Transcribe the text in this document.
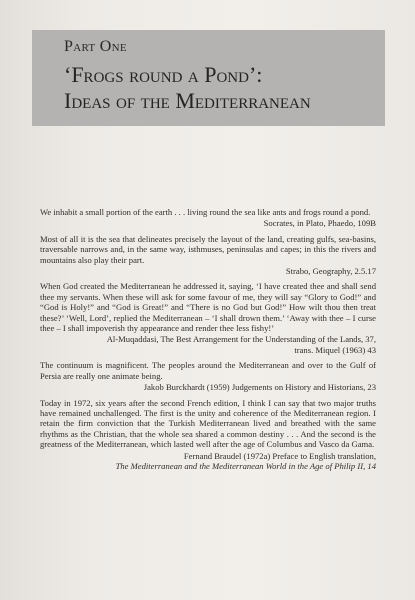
Part One
‘Frogs round a Pond’:
Ideas of the Mediterranean

We inhabit a small portion of the earth . . . living round the sea like ants and frogs round a pond.

Socrates, in Plato, Phaedo, 109B

Most of all it is the sea that delineates precisely the layout of the land, creating gulfs, sea-basins, traversable narrows and, in the same way, isthmuses, peninsulas and capes; in this the rivers and mountains also play their part.

Strabo, Geography, 2.5.17

When God created the Mediterranean he addressed it, saying, ‘I have created thee and shall send thee my servants. When these will ask for some favour of me, they will say “Glory to God!” and “God is Holy!” and “God is Great!” and “There is no God but God!” How wilt thou then treat these?’ ‘Well, Lord’, replied the Mediterranean – ‘I shall drown them.’ ‘Away with thee – I curse thee – I shall impoverish thy appearance and render thee less fishy!’

Al-Muqaddasi, The Best Arrangement for the Understanding of the Lands, 37,
trans. Miquel (1963) 43

The continuum is magnificent. The peoples around the Mediterranean and over to the Gulf of Persia are really one animate being.

Jakob Burckhardt (1959) Judgements on History and Historians, 23

Today in 1972, six years after the second French edition, I think I can say that two major truths have remained unchallenged. The first is the unity and coherence of the Mediterranean region. I retain the firm conviction that the Turkish Mediterranean lived and breathed with the same rhythms as the Christian, that the whole sea shared a common destiny . . . And the second is the greatness of the Mediterranean, which lasted well after the age of Columbus and Vasco da Gama.

Fernand Braudel (1972a) Preface to English translation,
The Mediterranean and the Mediterranean World in the Age of Philip II, 14
